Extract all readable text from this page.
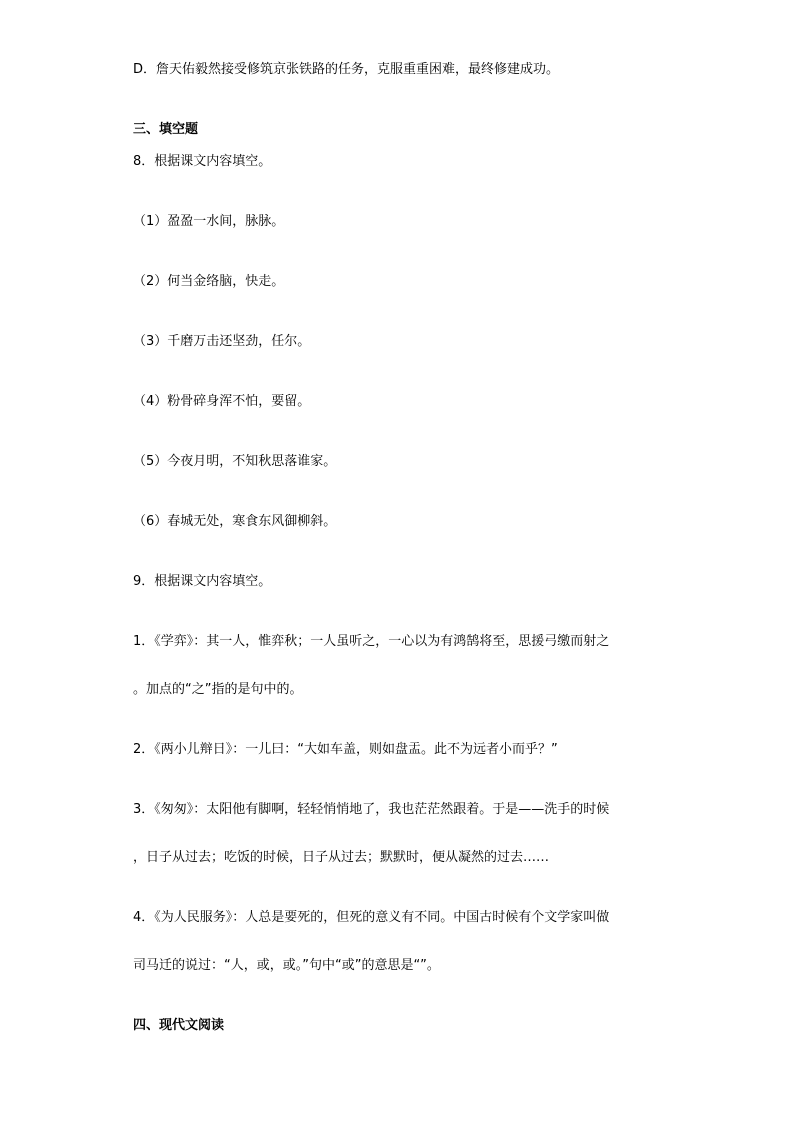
D．詹天佑毅然接受修筑京张铁路的任务，克服重重困难，最终修建成功。

三、填空题

8．根据课文内容填空。

（1）盈盈一水间，脉脉。

（2）何当金络脑，快走。

（3）千磨万击还坚劲，任尔。

（4）粉骨碎身浑不怕，要留。

（5）今夜月明，不知秋思落谁家。

（6）春城无处，寒食东风御柳斜。

9．根据课文内容填空。

1．《学弈》：其一人，惟弈秋；一人虽听之，一心以为有鸿鹄将至，思援弓缴而射之

。加点的“之”指的是句中的。

2．《两小儿辩日》：一儿曰：“大如车盖，则如盘盂。此不为远者小而乎？”

3．《匆匆》：太阳他有脚啊，轻轻悄悄地了，我也茫茫然跟着。于是——洗手的时候

，日子从过去；吃饭的时候，日子从过去；默默时，便从凝然的过去……

4．《为人民服务》：人总是要死的，但死的意义有不同。中国古时候有个文学家叫做

司马迁的说过：“人，或，或。”句中“或”的意思是“”。

四、现代文阅读
